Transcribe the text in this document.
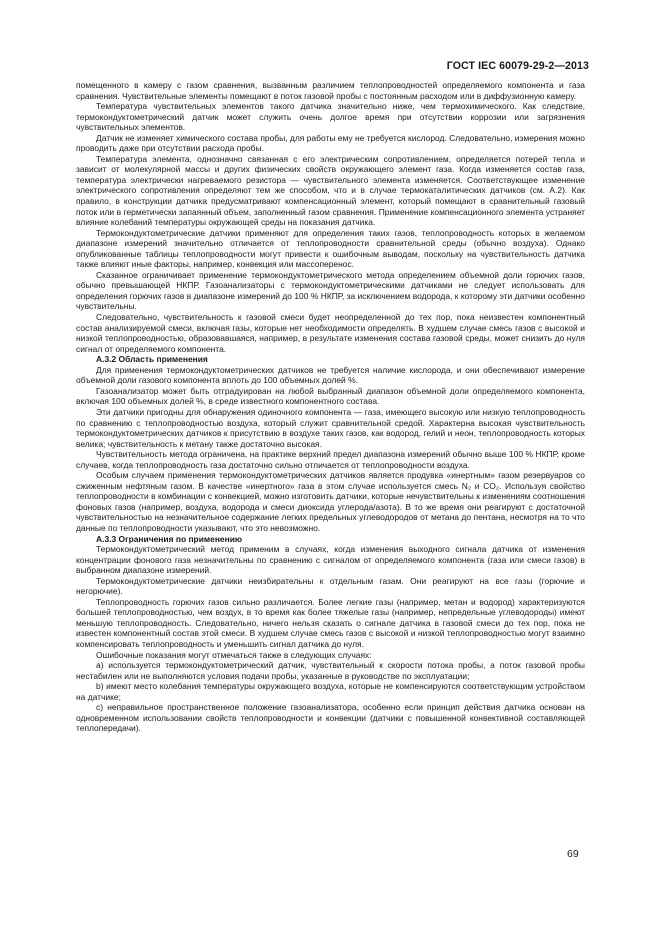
ГОСТ IEC 60079-29-2—2013

помещенного в камеру с газом сравнения, вызванным различием теплопроводностей определяемого компонента и газа сравнения. Чувствительные элементы помещают в поток газовой пробы с постоянным расходом или в диффузионную камеру.

Температура чувствительных элементов такого датчика значительно ниже, чем термохимического. Как следствие, термокондуктометрический датчик может служить очень долгое время при отсутствии коррозии или загрязнения чувствительных элементов.

Датчик не изменяет химического состава пробы, для работы ему не требуется кислород. Следовательно, измерения можно проводить даже при отсутствии расхода пробы.

Температура элемента, однозначно связанная с его электрическим сопротивлением, определяется потерей тепла и зависит от молекулярной массы и других физических свойств окружающего элемент газа. Когда изменяется состав газа, температура электрически нагреваемого резистора — чувствительного элемента изменяется. Соответствующее изменение электрического сопротивления определяют тем же способом, что и в случае термокаталитических датчиков (см. А.2). Как правило, в конструкции датчика предусматривают компенсационный элемент, который помещают в сравнительный газовый поток или в герметически запаянный объем, заполненный газом сравнения. Применение компенсационного элемента устраняет влияние колебаний температуры окружающей среды на показания датчика.

Термокондуктометрические датчики применяют для определения таких газов, теплопроводность которых в желаемом диапазоне измерений значительно отличается от теплопроводности сравнительной среды (обычно воздуха). Однако опубликованные таблицы теплопроводности могут привести к ошибочным выводам, поскольку на чувствительность датчика также влияют иные факторы, например, конвекция или массоперенос.

Сказанное ограничивает применение термокондуктометрического метода определением объемной доли горючих газов, обычно превышающей НКПР. Газоанализаторы с термокондуктометрическими датчиками не следует использовать для определения горючих газов в диапазоне измерений до 100 % НКПР, за исключением водорода, к которому эти датчики особенно чувствительны.

Следовательно, чувствительность к газовой смеси будет неопределенной до тех пор, пока неизвестен компонентный состав анализируемой смеси, включая газы, которые нет необходимости определять. В худшем случае смесь газов с высокой и низкой теплопроводностью, образовавшаяся, например, в результате изменения состава газовой среды, может снизить до нуля сигнал от определяемого компонента.

А.3.2 Область применения

Для применения термокондуктометрических датчиков не требуется наличие кислорода, и они обеспечивают измерение объемной доли газового компонента вплоть до 100 объемных долей %.

Газоанализатор может быть отградуирован на любой выбранный диапазон объемной доли определяемого компонента, включая 100 объемных долей %, в среде известного компонентного состава.

Эти датчики пригодны для обнаружения одиночного компонента — газа, имеющего высокую или низкую теплопроводность по сравнению с теплопроводностью воздуха, который служит сравнительной средой. Характерна высокая чувствительность термокондуктометрических датчиков к присутствию в воздухе таких газов, как водород, гелий и неон, теплопроводность которых велика; чувствительность к метану также достаточно высокая.

Чувствительность метода ограничена, на практике верхний предел диапазона измерений обычно выше 100 % НКПР, кроме случаев, когда теплопроводность газа достаточно сильно отличается от теплопроводности воздуха.

Особым случаем применения термокондуктометрических датчиков является продувка «инертным» газом резервуаров со сжиженным нефтяным газом. В качестве «инертного» газа в этом случае используется смесь N₂ и CO₂. Используя свойство теплопроводности в комбинации с конвекцией, можно изготовить датчики, которые нечувствительны к изменениям соотношения фоновых газов (например, воздуха, водорода и смеси диоксида углерода/азота). В то же время они реагируют с достаточной чувствительностью на незначительное содержание легких предельных углеводородов от метана до пентана, несмотря на то что данные по теплопроводности указывают, что это невозможно.

А.3.3 Ограничения по применению

Термокондуктометрический метод применим в случаях, когда изменения выходного сигнала датчика от изменения концентрации фонового газа незначительны по сравнению с сигналом от определяемого компонента (газа или смеси газов) в выбранном диапазоне измерений.

Термокондуктометрические датчики неизбирательны к отдельным газам. Они реагируют на все газы (горючие и негорючие).

Теплопроводность горючих газов сильно различается. Более легкие газы (например, метан и водород) характеризуются большей теплопроводностью, чем воздух, в то время как более тяжелые газы (например, непредельные углеводороды) имеют меньшую теплопроводность. Следовательно, ничего нельзя сказать о сигнале датчика в газовой смеси до тех пор, пока не известен компонентный состав этой смеси. В худшем случае смесь газов с высокой и низкой теплопроводностью могут взаимно компенсировать теплопроводность и уменьшить сигнал датчика до нуля.

Ошибочные показания могут отмечаться также в следующих случаях:

а) используется термокондуктометрический датчик, чувствительный к скорости потока пробы, а поток газовой пробы нестабилен или не выполняются условия подачи пробы, указанные в руководстве по эксплуатации;

b) имеют место колебания температуры окружающего воздуха, которые не компенсируются соответствующим устройством на датчике;

c) неправильное пространственное положение газоанализатора, особенно если принцип действия датчика основан на одновременном использовании свойств теплопроводности и конвекции (датчики с повышенной конвективной составляющей теплопередачи).

69
